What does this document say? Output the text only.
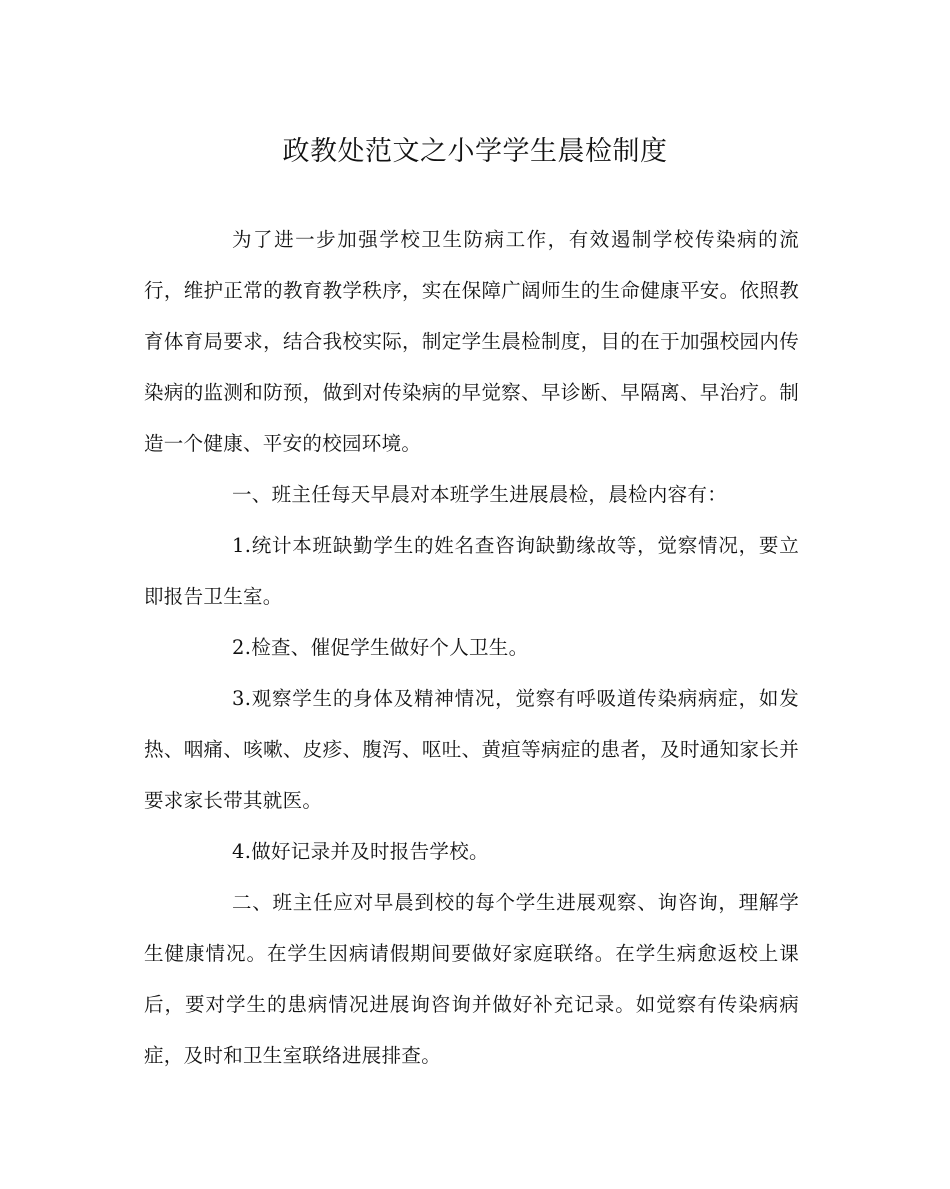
政教处范文之小学学生晨检制度

为了进一步加强学校卫生防病工作，有效遏制学校传染病的流行，维护正常的教育教学秩序，实在保障广阔师生的生命健康平安。依照教育体育局要求，结合我校实际，制定学生晨检制度，目的在于加强校园内传染病的监测和防预，做到对传染病的早觉察、早诊断、早隔离、早治疗。制造一个健康、平安的校园环境。

一、班主任每天早晨对本班学生进展晨检，晨检内容有：

1.统计本班缺勤学生的姓名查咨询缺勤缘故等，觉察情况，要立即报告卫生室。

2.检查、催促学生做好个人卫生。

3.观察学生的身体及精神情况，觉察有呼吸道传染病病症，如发热、咽痛、咳嗽、皮疹、腹泻、呕吐、黄疸等病症的患者，及时通知家长并要求家长带其就医。

4.做好记录并及时报告学校。

二、班主任应对早晨到校的每个学生进展观察、询咨询，理解学生健康情况。在学生因病请假期间要做好家庭联络。在学生病愈返校上课后，要对学生的患病情况进展询咨询并做好补充记录。如觉察有传染病病症，及时和卫生室联络进展排查。
